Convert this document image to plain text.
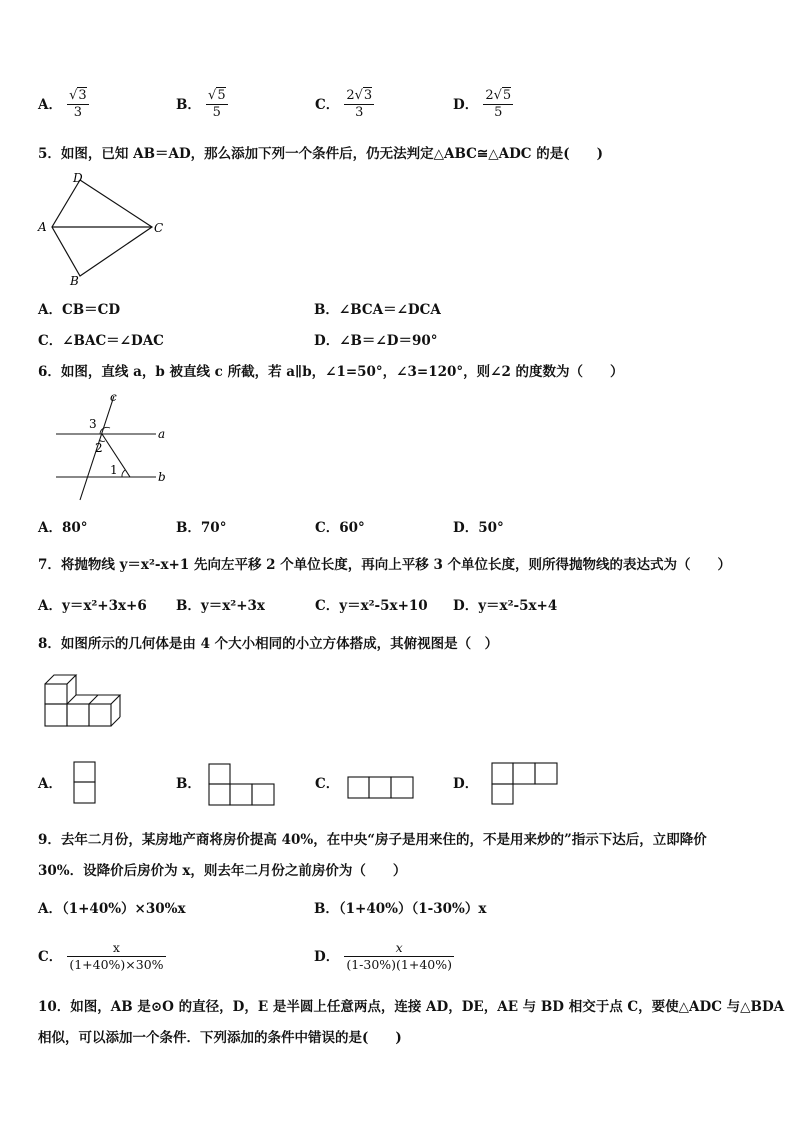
A． $\frac{√3}{3}$	B． $\frac{√5}{5}$	C． $\frac{2√3}{3}$	D． $\frac{2√5}{5}$
5．如图，已知 AB＝AD，那么添加下列一个条件后，仍无法判定△ABC≅△ADC 的是(　　)
D
A
B
C
A．CB＝CD	B．∠BCA＝∠DCA
C．∠BAC＝∠DAC	D．∠B＝∠D＝90°
6．如图，直线 a，b 被直线 c 所截，若 a∥b，∠1=50°，∠3=120°，则∠2 的度数为（　　）
c
a
b
3
2
1
A．80°	B．70°	C．60°	D．50°
7．将抛物线 y＝x²-x+1 先向左平移 2 个单位长度，再向上平移 3 个单位长度，则所得抛物线的表达式为（　　）
A．y＝x²+3x+6 B．y＝x²+3x	C．y＝x²-5x+10 D．y＝x²-5x+4
8．如图所示的几何体是由 4 个大小相同的小立方体搭成，其俯视图是（　）
A．	B．	C．	D．
9．去年二月份，某房地产商将房价提高 40%，在中央“房子是用来住的，不是用来炒的”指示下达后，立即降价
30%．设降价后房价为 x，则去年二月份之前房价为（　　）
A．（1+40%）×30%x	B．（1+40%）（1-30%）x
C． $\frac{x}{(1+40\%)\times 30\%}$	D． $\frac{x}{(1-30\%)(1+40\%)}$
10．如图，AB 是⊙O 的直径，D，E 是半圆上任意两点，连接 AD，DE，AE 与 BD 相交于点 C，要使△ADC 与△BDA
相似，可以添加一个条件．下列添加的条件中错误的是(　　)
